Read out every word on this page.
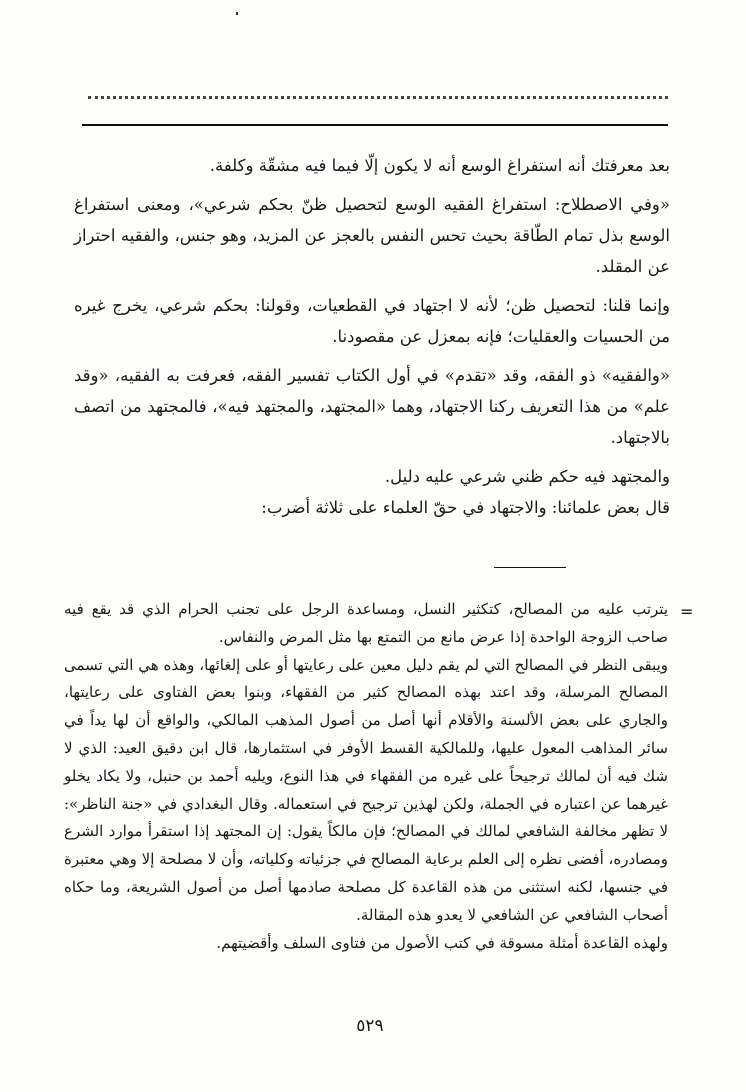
بعد معرفتك أنه استفراغ الوسع أنه لا يكون إلّا فيما فيه مشقّة وكلفة.

«وفي الاصطلاح: استفراغ الفقيه الوسع لتحصيل ظنّ بحكم شرعي»، ومعنى استفراغ الوسع بذل تمام الطّاقة بحيث تحس النفس بالعجز عن المزيد، وهو جنس، والفقيه احتراز عن المقلد.

وإنما قلنا: لتحصيل ظن؛ لأنه لا اجتهاد في القطعيات، وقولنا: بحكم شرعي، يخرج غيره من الحسيات والعقليات؛ فإنه بمعزل عن مقصودنا.

«والفقيه» ذو الفقه، وقد «تقدم» في أول الكتاب تفسير الفقه، فعرفت به الفقيه، «وقد علم» من هذا التعريف ركنا الاجتهاد، وهما «المجتهد، والمجتهد فيه»، فالمجتهد من اتصف بالاجتهاد.

والمجتهد فيه حكم ظني شرعي عليه دليل.

قال بعض علمائنا: والاجتهاد في حقّ العلماء على ثلاثة أضرب:

=

يترتب عليه من المصالح، كتكثير النسل، ومساعدة الرجل على تجنب الحرام الذي قد يقع فيه صاحب الزوجة الواحدة إذا عرض مانع من التمتع بها مثل المرض والنفاس.

ويبقى النظر في المصالح التي لم يقم دليل معين على رعايتها أو على إلغائها، وهذه هي التي تسمى المصالح المرسلة، وقد اعتد بهذه المصالح كثير من الفقهاء، وبنوا بعض الفتاوى على رعايتها، والجاري على بعض الألسنة والأقلام أنها أصل من أصول المذهب المالكي، والواقع أن لها يداً في سائر المذاهب المعول عليها، وللمالكية القسط الأوفر في استثمارها، قال ابن دقيق العيد: الذي لا شك فيه أن لمالك ترجيحاً على غيره من الفقهاء في هذا النوع، ويليه أحمد بن حنبل، ولا يكاد يخلو غيرهما عن اعتباره في الجملة، ولكن لهذين ترجيح في استعماله. وقال البغدادي في «جنة الناظر»: لا تظهر مخالفة الشافعي لمالك في المصالح؛ فإن مالكاً يقول: إن المجتهد إذا استقرأ موارد الشرع ومصادره، أفضى نظره إلى العلم برعاية المصالح في جزئياته وكلياته، وأن لا مصلحة إلا وهي معتبرة في جنسها، لكنه استثنى من هذه القاعدة كل مصلحة صادمها أصل من أصول الشريعة، وما حكاه أصحاب الشافعي عن الشافعي لا يعدو هذه المقالة.

ولهذه القاعدة أمثلة مسوقة في كتب الأصول من فتاوى السلف وأقضيتهم.

٥٢٩
